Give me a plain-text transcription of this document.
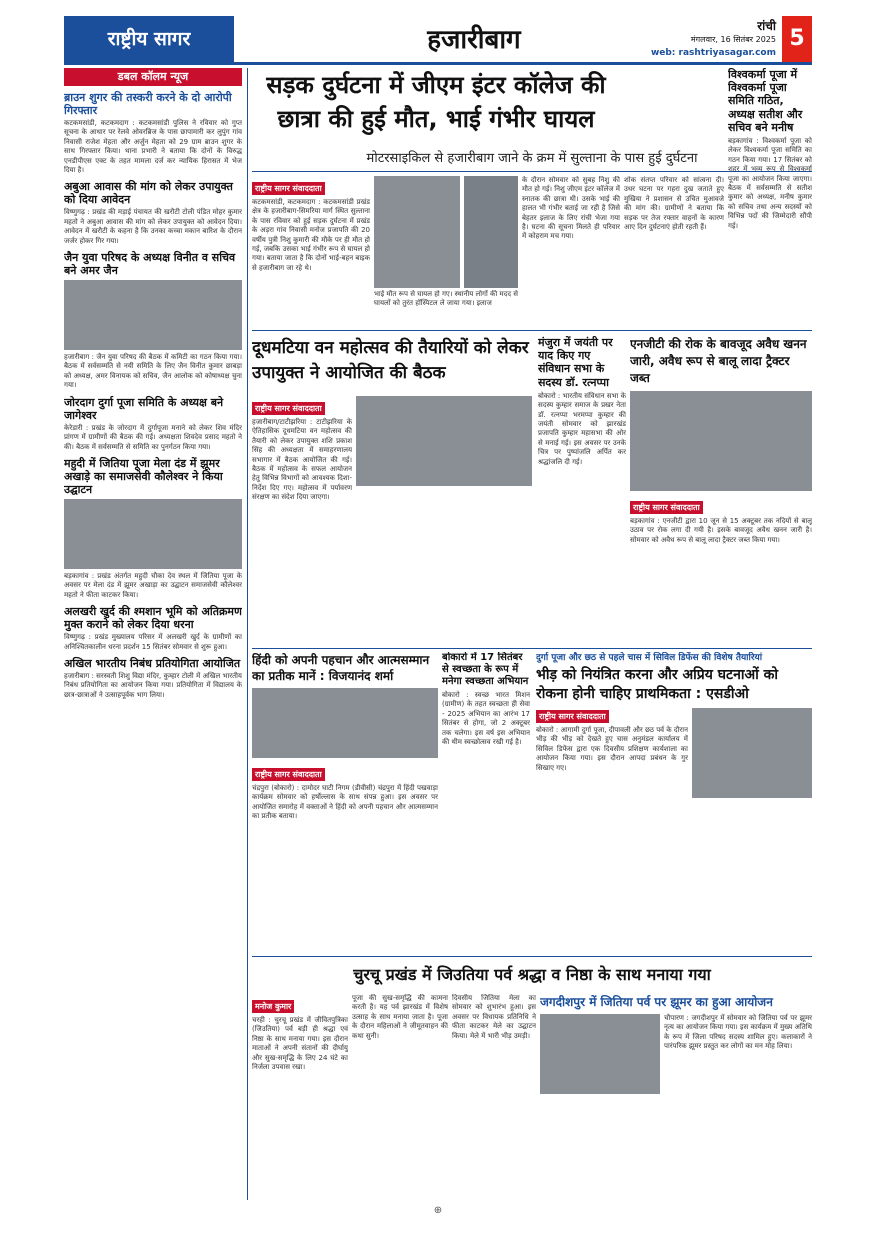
राष्ट्रीय सागर	हजारीबाग	रांची
मंगलवार, 16 सितंबर 2025
web: rashtriyasagar.com
5
डबल कॉलम न्यूज
ब्राउन शुगर की तस्करी करने के दो आरोपी गिरफ्तार

कटकमसांडी, कटकमदाग : कटकमसांडी पुलिस ने रविवार को गुप्त सूचना के आधार पर रेलवे ओवरब्रिज के पास छापामारी कर लुपुंग गांव निवासी राजेश मेहता और अर्जुन मेहता को 29 ग्राम ब्राउन शुगर के साथ गिरफ्तार किया। थाना प्रभारी ने बताया कि दोनों के विरुद्ध एनडीपीएस एक्ट के तहत मामला दर्ज कर न्यायिक हिरासत में भेज दिया है।

अबुआ आवास की मांग को लेकर उपायुक्त को दिया आवेदन

विष्णुगढ़ : प्रखंड की मड़ाई पंचायत की खरौटी टोली पंडित मोहर कुमार महतो ने अबुआ आवास की मांग को लेकर उपायुक्त को आवेदन दिया। आवेदन में खरौटी के कहना है कि उनका कच्चा मकान बारिश के दौरान जर्जर होकर गिर गया।

जैन युवा परिषद के अध्यक्ष विनीत व सचिव बने अमर जैन

हजारीबाग : जैन युवा परिषद की बैठक में कमिटी का गठन किया गया। बैठक में सर्वसम्मति से नयी समिति के लिए जैन विनीत कुमार छाबड़ा को अध्यक्ष, अमर विनायक को सचिव, जैन आलोक को कोषाध्यक्ष चुना गया।

जोरदाग दुर्गा पूजा समिति के अध्यक्ष बने जागेश्वर

केरेडारी : प्रखंड के जोरदाग में दुर्गापूजा मनाने को लेकर शिव मंदिर प्रांगण में ग्रामीणों की बैठक की गई। अध्यक्षता शिवदेव प्रसाद महतो ने की। बैठक में सर्वसम्मति से समिति का पुनर्गठन किया गया।

महुदी में जितिया पूजा मेला दंड में झूमर अखाड़े का समाजसेवी कौलेश्वर ने किया उद्घाटन

बड़कागांव : प्रखंड अंतर्गत महुदी चौका देव स्थल में जितिया पूजा के अवसर पर मेला दंड में झूमर अखाड़ा का उद्घाटन समाजसेवी कौलेश्वर महतो ने फीता काटकर किया।

अलखरी खुर्द की श्मशान भूमि को अतिक्रमण मुक्त कराने को लेकर दिया धरना

विष्णुगढ़ : प्रखंड मुख्यालय परिसर में अलखरी खुर्द के ग्रामीणों का अनिश्चितकालीन धरना प्रदर्शन 15 सितंबर सोमवार से शुरू हुआ।

अखिल भारतीय निबंध प्रतियोगिता आयोजित

हजारीबाग : सरस्वती शिशु विद्या मंदिर, कुम्हार टोली में अखिल भारतीय निबंध प्रतियोगिता का आयोजन किया गया। प्रतियोगिता में विद्यालय के छात्र-छात्राओं ने उत्साहपूर्वक भाग लिया।

सड़क दुर्घटना में जीएम इंटर कॉलेज की छात्रा की हुई मौत, भाई गंभीर घायल
मोटरसाइकिल से हजारीबाग जाने के क्रम में सुल्ताना के पास हुई दुर्घटना
राष्ट्रीय सागर संवाददाता

कटकमसांडी, कटकमदाग : कटकमसांडी प्रखंड क्षेत्र के हजारीबाग-सिमरिया मार्ग स्थित सुल्ताना के पास रविवार को हुई सड़क दुर्घटना में प्रखंड के अड़रा गांव निवासी मनोज प्रजापति की 20 वर्षीय पुत्री निशु कुमारी की मौके पर ही मौत हो गई, जबकि उसका भाई गंभीर रूप से घायल हो गया। बताया जाता है कि दोनों भाई-बहन बाइक से हजारीबाग जा रहे थे।

भाई मौत रूप से घायल हो गए। स्थानीय लोगों की मदद से

घायलों को तुरंत हॉस्पिटल ले जाया गया। इलाज

के दौरान सोमवार को सुबह निशु की मौत हो गई। निशु जीएम इंटर कॉलेज में स्नातक की छात्रा थी। उसके भाई की हालत भी गंभीर बताई जा रही है जिसे बेहतर इलाज के लिए रांची भेजा गया है। घटना की सूचना मिलते ही परिवार में कोहराम मच गया।

शोक संतप्त परिवार को सांत्वना दी। उधर घटना पर गहरा दुख जताते हुए मुखिया ने प्रशासन से उचित मुआवजे की मांग की। ग्रामीणों ने बताया कि सड़क पर तेज रफ्तार वाहनों के कारण आए दिन दुर्घटनाएं होती रहती हैं।

विश्वकर्मा पूजा में विश्वकर्मा पूजा समिति गठित, अध्यक्ष सतीश और सचिव बने मनीष

बड़कागांव : विश्वकर्मा पूजा को लेकर विश्वकर्मा पूजा समिति का गठन किया गया। 17 सितंबर को शहर में भव्य रूप से विश्वकर्मा पूजा का आयोजन किया जाएगा। बैठक में सर्वसम्मति से सतीश कुमार को अध्यक्ष, मनीष कुमार को सचिव तथा अन्य सदस्यों को विभिन्न पदों की जिम्मेदारी सौंपी गई।

दूधमटिया वन महोत्सव की तैयारियों को लेकर उपायुक्त ने आयोजित की बैठक
राष्ट्रीय सागर संवाददाता

हजारीबाग/टाटीझरिया : टाटीझरिया के ऐतिहासिक दूधमटिया वन महोत्सव की तैयारी को लेकर उपायुक्त शशि प्रकाश सिंह की अध्यक्षता में समाहरणालय सभागार में बैठक आयोजित की गई। बैठक में महोत्सव के सफल आयोजन हेतु विभिन्न विभागों को आवश्यक दिशा-निर्देश दिए गए। महोत्सव में पर्यावरण संरक्षण का संदेश दिया जाएगा।

मंजुरा में जयंती पर याद किए गए संविधान सभा के सदस्य डॉ. रत्नप्पा

बोकारो : भारतीय संविधान सभा के सदस्य कुम्हार समाज के प्रखर नेता डॉ. रत्नप्पा भरमप्पा कुम्हार की जयंती सोमवार को झारखंड प्रजापति कुम्हार महासभा की ओर से मनाई गई। इस अवसर पर उनके चित्र पर पुष्पांजलि अर्पित कर श्रद्धांजलि दी गई।

एनजीटी की रोक के बावजूद अवैध खनन जारी, अवैध रूप से बालू लादा ट्रैक्टर जब्त
राष्ट्रीय सागर संवाददाता

बड़कागांव : एनजीटी द्वारा 10 जून से 15 अक्टूबर तक नदियों से बालू उठाव पर रोक लगा दी गयी है। इसके बावजूद अवैध खनन जारी है। सोमवार को अवैध रूप से बालू लादा ट्रैक्टर जब्त किया गया।

हिंदी को अपनी पहचान और आत्मसम्मान का प्रतीक मानें : विजयानंद शर्मा
राष्ट्रीय सागर संवाददाता

चंद्रपुरा (बोकारो) : दामोदर घाटी निगम (डीवीसी) चंद्रपुरा में हिंदी पखवाड़ा कार्यक्रम सोमवार को हर्षोल्लास के साथ संपन्न हुआ। इस अवसर पर आयोजित समारोह में वक्ताओं ने हिंदी को अपनी पहचान और आत्मसम्मान का प्रतीक बताया।

बोकारो में 17 सितंबर से स्वच्छता के रूप में मनेगा स्वच्छता अभियान

बोकारो : स्वच्छ भारत मिशन (ग्रामीण) के तहत स्वच्छता ही सेवा - 2025 अभियान का आरंभ 17 सितंबर से होगा, जो 2 अक्टूबर तक चलेगा। इस वर्ष इस अभियान की थीम स्वच्छोत्सव रखी गई है।

दुर्गा पूजा और छठ से पहले चास में सिविल डिफेंस की विशेष तैयारियां
भीड़ को नियंत्रित करना और अप्रिय घटनाओं को रोकना होनी चाहिए प्राथमिकता : एसडीओ
राष्ट्रीय सागर संवाददाता

बोकारो : आगामी दुर्गा पूजा, दीपावली और छठ पर्व के दौरान भीड़ की भीड़ को देखते हुए चास अनुमंडल कार्यालय में सिविल डिफेंस द्वारा एक दिवसीय प्रशिक्षण कार्यशाला का आयोजन किया गया। इस दौरान आपदा प्रबंधन के गुर सिखाए गए।

चुरचू प्रखंड में जिउतिया पर्व श्रद्धा व निष्ठा के साथ मनाया गया
मनोज कुमार

चरही : चुरचू प्रखंड में जीवितपुत्रिका (जिउतिया) पर्व बड़ी ही श्रद्धा एवं निष्ठा के साथ मनाया गया। इस दौरान माताओं ने अपनी संतानों की दीर्घायु और सुख-समृद्धि के लिए 24 घंटे का निर्जला उपवास रखा।

पूजा की सुख-समृद्धि की कामना करती है। यह पर्व झारखंड में विशेष उत्साह के साथ मनाया जाता है। पूजा के दौरान महिलाओं ने जीमूतवाहन की कथा सुनी।

दिवसीय जितिया मेला का सोमवार को शुभारंभ हुआ। इस अवसर पर विधायक प्रतिनिधि ने फीता काटकर मेले का उद्घाटन किया। मेले में भारी भीड़ उमड़ी।

जगदीशपुर में जितिया पर्व पर झूमर का हुआ आयोजन

चौपारण : जगदीशपुर में सोमवार को जितिया पर्व पर झूमर नृत्य का आयोजन किया गया। इस कार्यक्रम में मुख्य अतिथि के रूप में जिला परिषद सदस्य शामिल हुए। कलाकारों ने पारंपरिक झूमर प्रस्तुत कर लोगों का मन मोह लिया।

⊕
